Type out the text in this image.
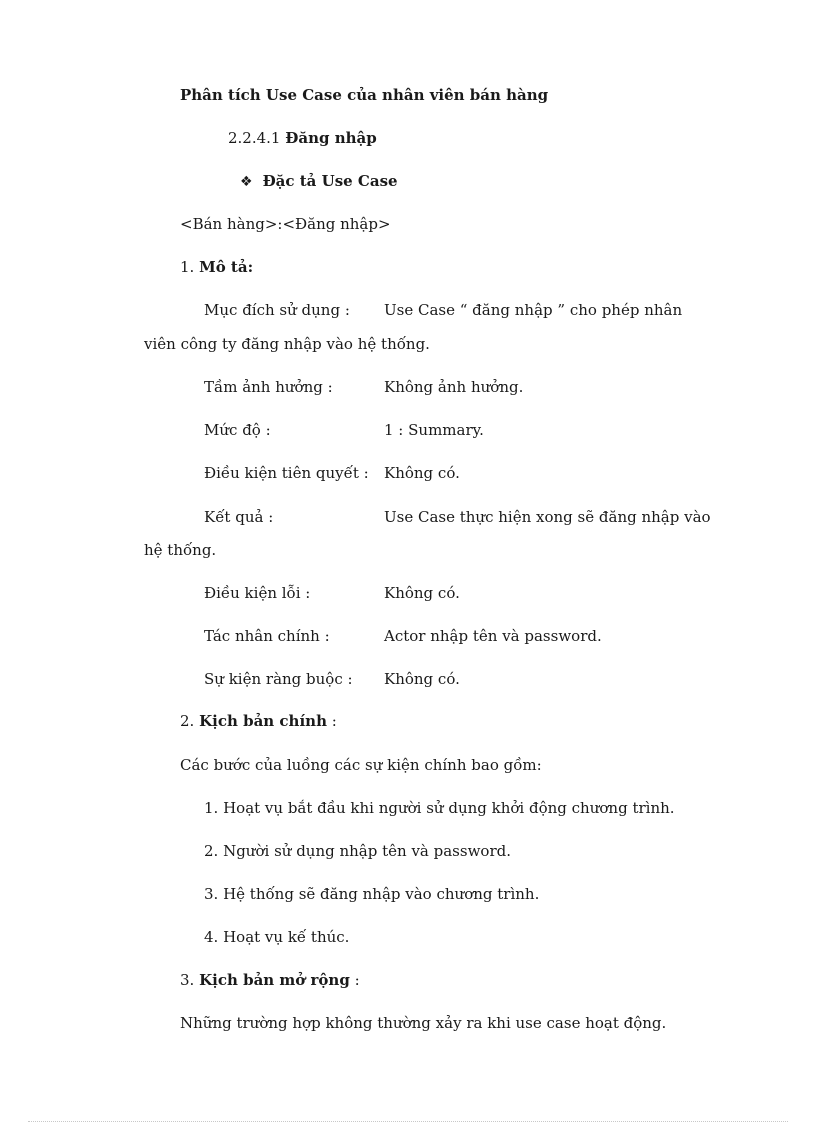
Phân tích Use Case của nhân viên bán hàng
2.2.4.1 Đăng nhập
❖ Đặc tả Use Case
<Bán hàng>:<Đăng nhập>
1. Mô tả:
Mục đích sử dụng : Use Case “ đăng nhập ” cho phép nhân
viên công ty đăng nhập vào hệ thống.
Tầm ảnh hưởng :	Không ảnh hưởng.
Mức độ :	1 : Summary.
Điều kiện tiên quyết : Không có.
Kết quả :	Use Case thực hiện xong sẽ đăng nhập vào
hệ thống.
Điều kiện lỗi :	Không có.
Tác nhân chính :	Actor nhập tên và password.
Sự kiện ràng buộc : Không có.
2. Kịch bản chính :
Các bước của luồng các sự kiện chính bao gồm:
1. Hoạt vụ bắt đầu khi người sử dụng khởi động chương trình.
2. Người sử dụng nhập tên và password.
3. Hệ thống sẽ đăng nhập vào chương trình.
4. Hoạt vụ kế thúc.
3. Kịch bản mở rộng :
Những trường hợp không thường xảy ra khi use case hoạt động.
